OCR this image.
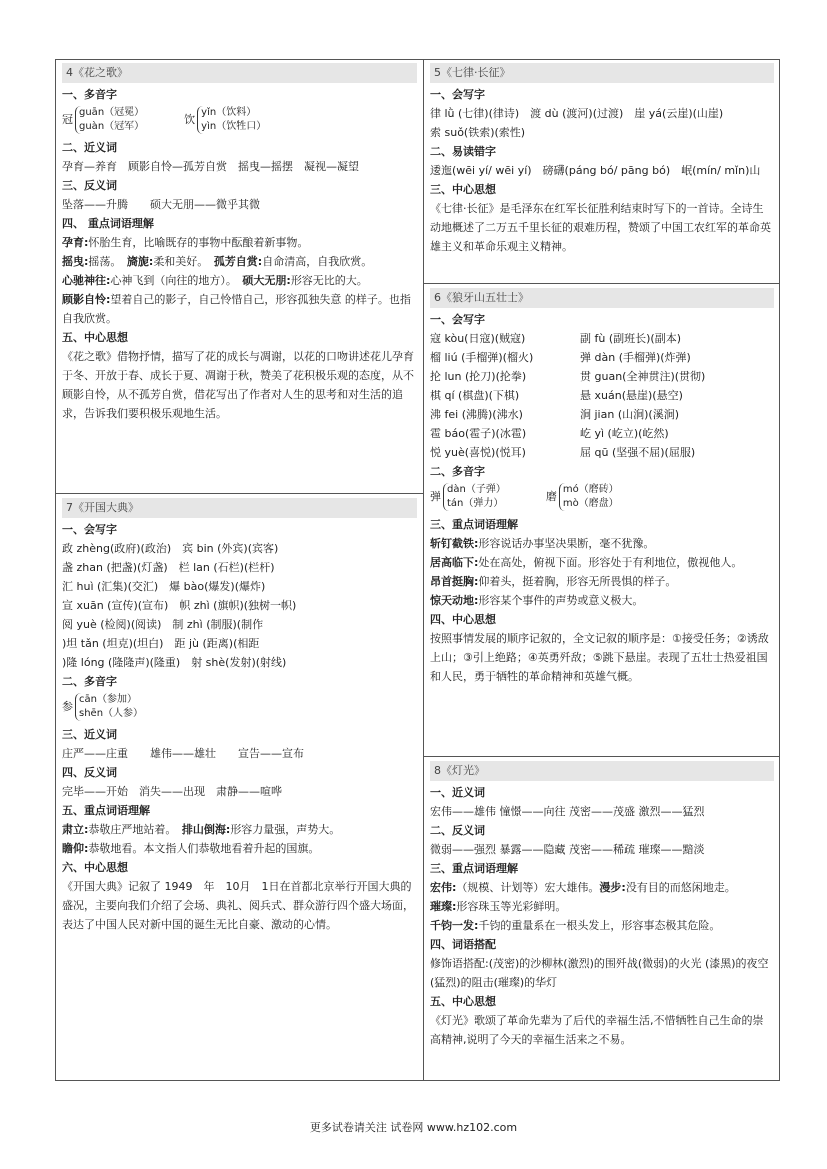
4《花之歌》
一、多音字
冠
guān（冠冕）
guàn（冠军）
饮
yǐn（饮料）
yìn（饮牲口）
二、近义词
孕育—养育　顾影自怜—孤芳自赏　摇曳—摇摆　凝视—凝望
三、反义词
坠落——升腾　　硕大无朋——微乎其微
四、 重点词语理解
孕育:怀胎生育，比喻既存的事物中酝酿着新事物。
摇曳:摇荡。　 旖旎:柔和美好。　 孤芳自赏:自命清高，自我欣赏。
心驰神往:心神飞到（向往的地方）。　 硕大无朋:形容无比的大。
顾影自怜:望着自己的影子，自己怜惜自己，形容孤独失意 的样子。也指自我欣赏。
五、中心思想
《花之歌》借物抒情，描写了花的成长与凋谢，以花的口吻讲述花儿孕育于冬、开放于春、成长于夏、凋谢于秋，赞美了花积极乐观的态度，从不顾影自怜，从不孤芳自赏，借花写出了作者对人生的思考和对生活的追求，告诉我们要积极乐观地生活。
5《七律·长征》
一、会写字
律 lǜ (七律)(律诗)　渡 dù (渡河)(过渡)　崖 yá(云崖)(山崖)
索 suǒ(铁索)(索性)
二、易读错字
逶迤(wēi yí/ wēi yí)　磅礴(páng bó/ pāng bó)　岷(mín/ mǐn)山
三、中心思想
《七律·长征》是毛泽东在红军长征胜利结束时写下的一首诗。全诗生动地概述了二万五千里长征的艰难历程，赞颂了中国工农红军的革命英雄主义和革命乐观主义精神。
6《狼牙山五壮士》
一、会写字
寇 kòu(日寇)(贼寇)	副 fù (副班长)(副本)
榴 liú (手榴弹)(榴火)	弹 dàn (手榴弹)(炸弹)
抡 lun (抡刀)(抡拳)	贯 guan(全神贯注)(贯彻)
棋 qí (棋盘)(下棋)	悬 xuán(悬崖)(悬空)
沸 fei (沸腾)(沸水)	涧 jian (山涧)(溪涧)
雹 báo(雹子)(冰雹)	屹 yì (屹立)(屹然)
悦 yuè(喜悦)(悦耳)	屈 qū (坚强不屈)(屈服)
二、多音字
弹
dàn（子弹）
tán（弹力）
磨
mó（磨砖）
mò（磨盘）
三、重点词语理解
斩钉截铁:形容说话办事坚决果断，毫不犹豫。
居高临下:处在高处，俯视下面。形容处于有利地位，傲视他人。
昂首挺胸:仰着头，挺着胸，形容无所畏惧的样子。
惊天动地:形容某个事件的声势或意义极大。
四、中心思想
按照事情发展的顺序记叙的，全文记叙的顺序是：①接受任务；②诱敌上山；③引上绝路；④英勇歼敌；⑤跳下悬崖。表现了五壮士热爱祖国和人民，勇于牺牲的革命精神和英雄气概。
7《开国大典》
一、会写字
政 zhèng(政府)(政治)　宾 bin (外宾)(宾客)
盏 zhan (把盏)(灯盏)　栏 lan (石栏)(栏杆)
汇 huì (汇集)(交汇)　爆 bào(爆发)(爆炸)
宣 xuān (宣传)(宣布)　帜 zhì (旗帜)(独树一帜)
阅 yuè (检阅)(阅读)　制 zhì (制服)(制作
)坦 tǎn (坦克)(坦白)　距 jù (距离)(相距
)隆 lóng (隆隆声)(隆重)　射 shè(发射)(射线)
二、多音字
参
cān（参加）
shēn（人参）
三、近义词
庄严——庄重　　雄伟——雄壮　　宣告——宣布
四、反义词
完毕——开始　消失——出现　肃静——喧哗
五、重点词语理解
肃立:恭敬庄严地站着。　 排山倒海:形容力量强，声势大。
瞻仰:恭敬地看。本文指人们恭敬地看着升起的国旗。
六、中心思想
《开国大典》记叙了 1949　年　10月　1日在首都北京举行开国大典的盛况，主要向我们介绍了会场、典礼、阅兵式、群众游行四个盛大场面，表达了中国人民对新中国的诞生无比自豪、激动的心情。
8《灯光》
一、近义词
宏伟——雄伟 憧憬——向往 茂密——茂盛 激烈——猛烈
二、反义词
微弱——强烈 暴露——隐藏 茂密——稀疏 璀璨——黯淡
三、重点词语理解
宏伟:（规模、计划等）宏大雄伟。漫步:没有目的而悠闲地走。
璀璨:形容珠玉等光彩鲜明。
千钧一发:千钧的重量系在一根头发上，形容事态极其危险。
四、词语搭配
修饰语搭配:(茂密)的沙柳林(激烈)的围歼战(微弱)的火光 (漆黑)的夜空(猛烈)的阻击(璀璨)的华灯
五、中心思想
《灯光》歌颂了革命先辈为了后代的幸福生活,不惜牺牲自己生命的崇高精神,说明了今天的幸福生活来之不易。
更多试卷请关注 试卷网 www.hz102.com
